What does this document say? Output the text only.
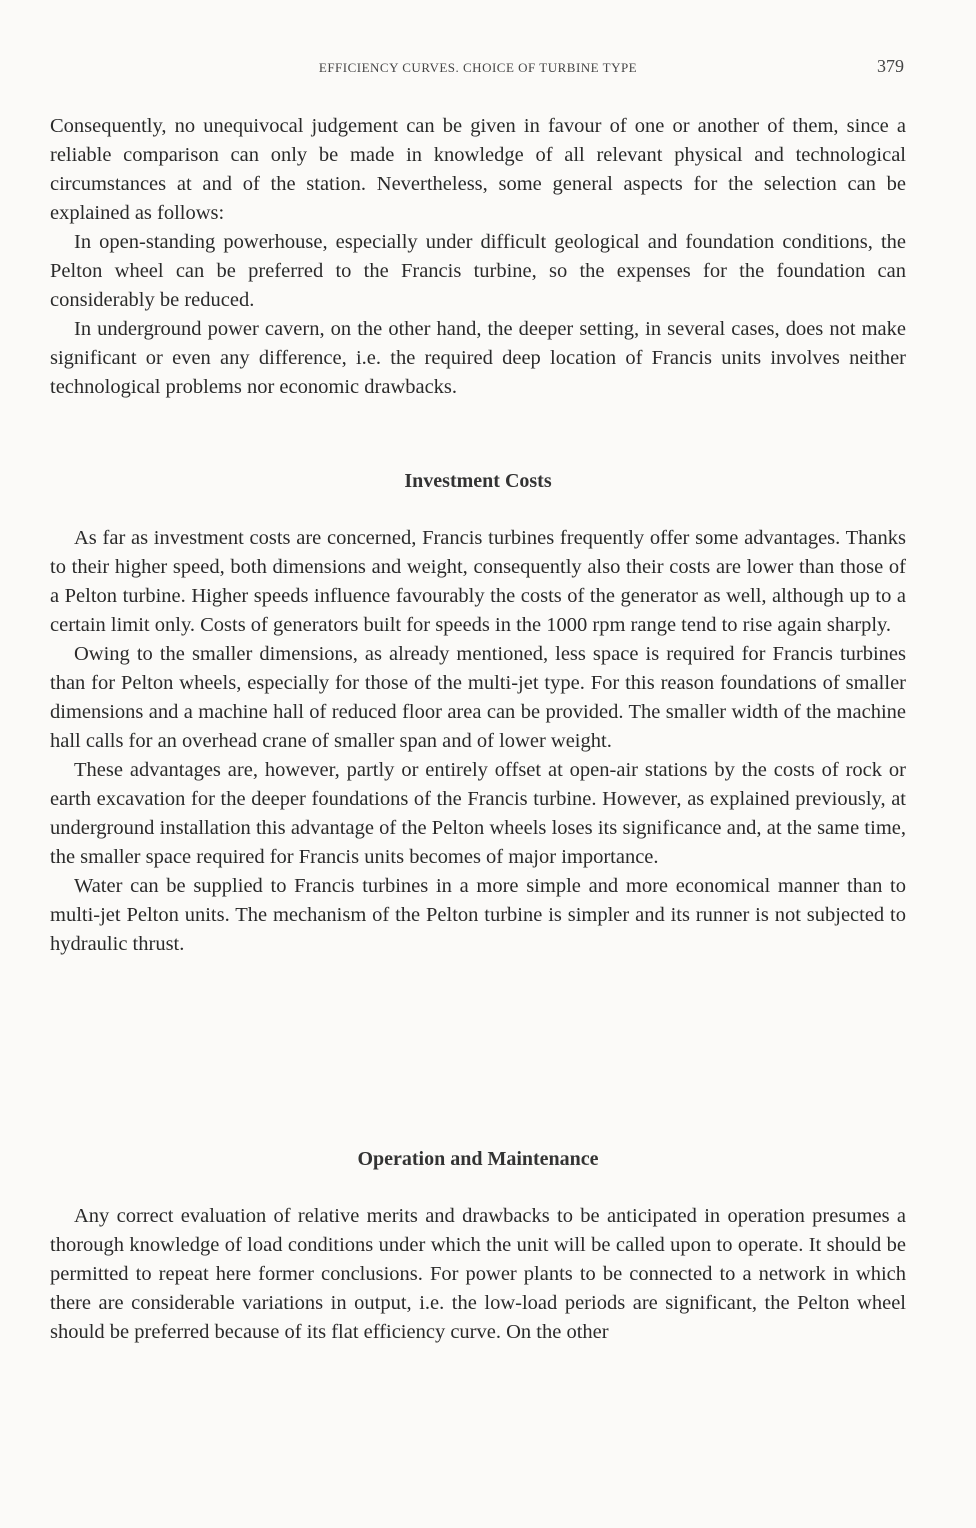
EFFICIENCY CURVES. CHOICE OF TURBINE TYPE	379

Consequently, no unequivocal judgement can be given in favour of one or another of them, since a reliable comparison can only be made in knowledge of all relevant physical and technological circumstances at and of the station. Nevertheless, some general aspects for the selection can be explained as follows:

In open-standing powerhouse, especially under difficult geological and foundation conditions, the Pelton wheel can be preferred to the Francis turbine, so the expenses for the foundation can considerably be reduced.

In underground power cavern, on the other hand, the deeper setting, in several cases, does not make significant or even any difference, i.e. the required deep location of Francis units involves neither technological problems nor economic drawbacks.

Investment Costs

As far as investment costs are concerned, Francis turbines frequently offer some advantages. Thanks to their higher speed, both dimensions and weight, consequently also their costs are lower than those of a Pelton turbine. Higher speeds influence favourably the costs of the generator as well, although up to a certain limit only. Costs of generators built for speeds in the 1000 rpm range tend to rise again sharply.

Owing to the smaller dimensions, as already mentioned, less space is required for Francis turbines than for Pelton wheels, especially for those of the multi-jet type. For this reason foundations of smaller dimensions and a machine hall of reduced floor area can be provided. The smaller width of the machine hall calls for an overhead crane of smaller span and of lower weight.

These advantages are, however, partly or entirely offset at open-air stations by the costs of rock or earth excavation for the deeper foundations of the Francis turbine. However, as explained previously, at underground installation this advantage of the Pelton wheels loses its significance and, at the same time, the smaller space required for Francis units becomes of major importance.

Water can be supplied to Francis turbines in a more simple and more economical manner than to multi-jet Pelton units. The mechanism of the Pelton turbine is simpler and its runner is not subjected to hydraulic thrust.

Operation and Maintenance

Any correct evaluation of relative merits and drawbacks to be anticipated in operation presumes a thorough knowledge of load conditions under which the unit will be called upon to operate. It should be permitted to repeat here former conclusions. For power plants to be connected to a network in which there are considerable variations in output, i.e. the low-load periods are significant, the Pelton wheel should be preferred because of its flat efficiency curve. On the other
